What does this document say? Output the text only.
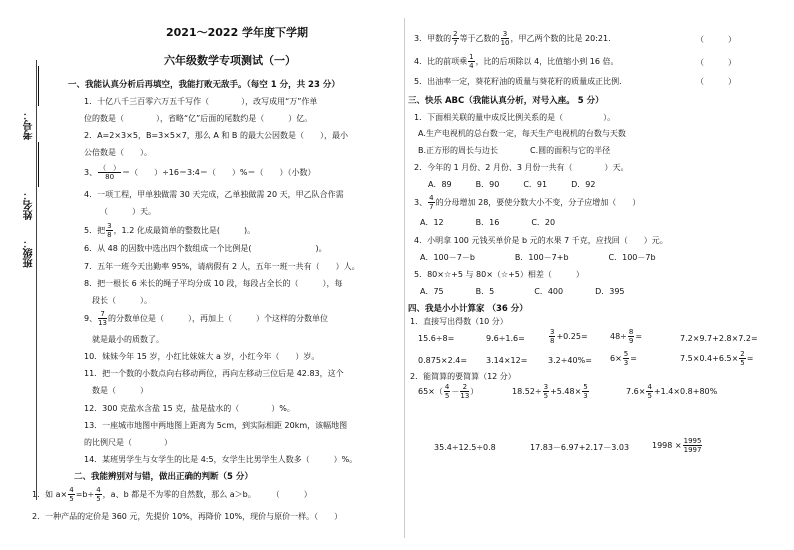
考号：
姓名：
班级：
2021～2022 学年度下学期
六年级数学专项测试（一）
一、我能认真分析后再填空，我能打败无敌手。（每空 1 分，共 23 分）
1．十亿八千三百零六万五千写作（　　　　），改写成用“万”作单
位的数是（　　　　），省略“亿”后面的尾数约是（　　　）亿。
2．A=2×3×5，B=3×5×7，那么 A 和 B 的最大公因数是（　　），最小
公倍数是（　　）。
3、 $\frac{( )}{80}$ ＝（　　）÷16＝3:4＝（　　）%＝（　　）（小数）
4．一项工程，甲单独做需 30 天完成，乙单独做需 20 天，甲乙队合作需
（　　　）天。
5．把 $\frac{3}{8}$ ，1.2 化成最简单的整数比是(　　　)。
6．从 48 的因数中选出四个数组成一个比例是(　　　　　　　　)。
7．五年一班今天出勤率 95%，请病假有 2 人，五年一班一共有（　　）人。
8．把一根长 6 米长的绳子平均分成 10 段，每段占全长的（　　　），每
段长（　　　）。
9、 $\frac{7}{13}$ 的分数单位是（　　　），再加上（　　　）个这样的分数单位
就是最小的质数了。
10．妹妹今年 15 岁，小红比妹妹大 a 岁，小红今年（　　）岁。
11．把一个数的小数点向右移动两位，再向左移动三位后是 42.83，这个
数是（　　　）
12．300 克盐水含盐 15 克，盐是盐水的（　　　　）%。
13．一座城市地图中两地图上距离为 5cm，到实际相距 20km，该幅地图
的比例尺是（　　　　）
14．某班男学生与女学生的比是 4:5，女学生比男学生人数多（　　　）%。
二、我能辨别对与错，做出正确的判断（5 分）
1．如 $a\times \frac{4}{5} =b\div \frac{4}{5}$ ，a、b 都是不为零的自然数，那么 a＞b。　　　（　　　）
2．一种产品的定价是 360 元，先提价 10%，再降价 10%，现价与原价一样。（　　）
3．甲数的 $\frac{2}{7}$ 等于乙数的 $\frac{3}{10}$ ，甲乙两个数的比是 20:21.	（　　　）
4．比的前项乘 $\frac{1}{4}$ ，比的后项除以 4，比值缩小到 16 倍。	（　　　）
5．出油率一定，葵花籽油的质量与葵花籽的质量成正比例．	（　　　）
三、快乐 ABC（我能认真分析，对号入座。 5 分）
1．下面相关联的量中成反比例关系的是（　　　　　）。
A.生产电视机的总台数一定，每天生产电视机的台数与天数
B.正方形的周长与边长　　　　C.圆的面积与它的半径
2．今年的 1 月份、2 月份、3 月份一共有（　　　　）天。
A．89　　　B．90　　　C．91　　　D．92
3、 $\frac{4}{7}$ 的分母增加 28，要使分数大小不变，分子应增加（　　）
A．12　　　　B．16　　　　C．20
4．小明拿 100 元钱买单价是 b 元的水果 7 千克，应找回（　　）元。
A．100－7－b　　　　　B．100－7+b　　　　　C．100－7b
5．80×☆+5 与 80×（☆+5）相差（　　　）
A．75　　　　B．5　　　　　C．400　　　　D．395
四、我是小小计算家 （36 分）
1．直接写出得数（10 分）
15.6÷8=	9.6÷1.6=	$\frac{3}{8} +0.25=$	$48\div \frac{8}{9}$ =	7.2×9.7+2.8×7.2=
0.875×2.4= 3.14×12=	$3.2\div 40\%= 6\times \frac{5}{3}$ =	$7.5\times 0.4+6.5\times \frac{2}{5}$ =
2．能简算的要简算（12 分）
$65\times( \frac{4}{5} - \frac{2}{13}$ ）	$18.52\div \frac{3}{5} +5.48\times \frac{5}{3}$	$7.6\times \frac{4}{5} +1.4\times 0.8+80\%$
35.4÷12.5÷0.8	17.83－6.97+2.17－3.03	$1998 \times \frac{1995}{1997}$
